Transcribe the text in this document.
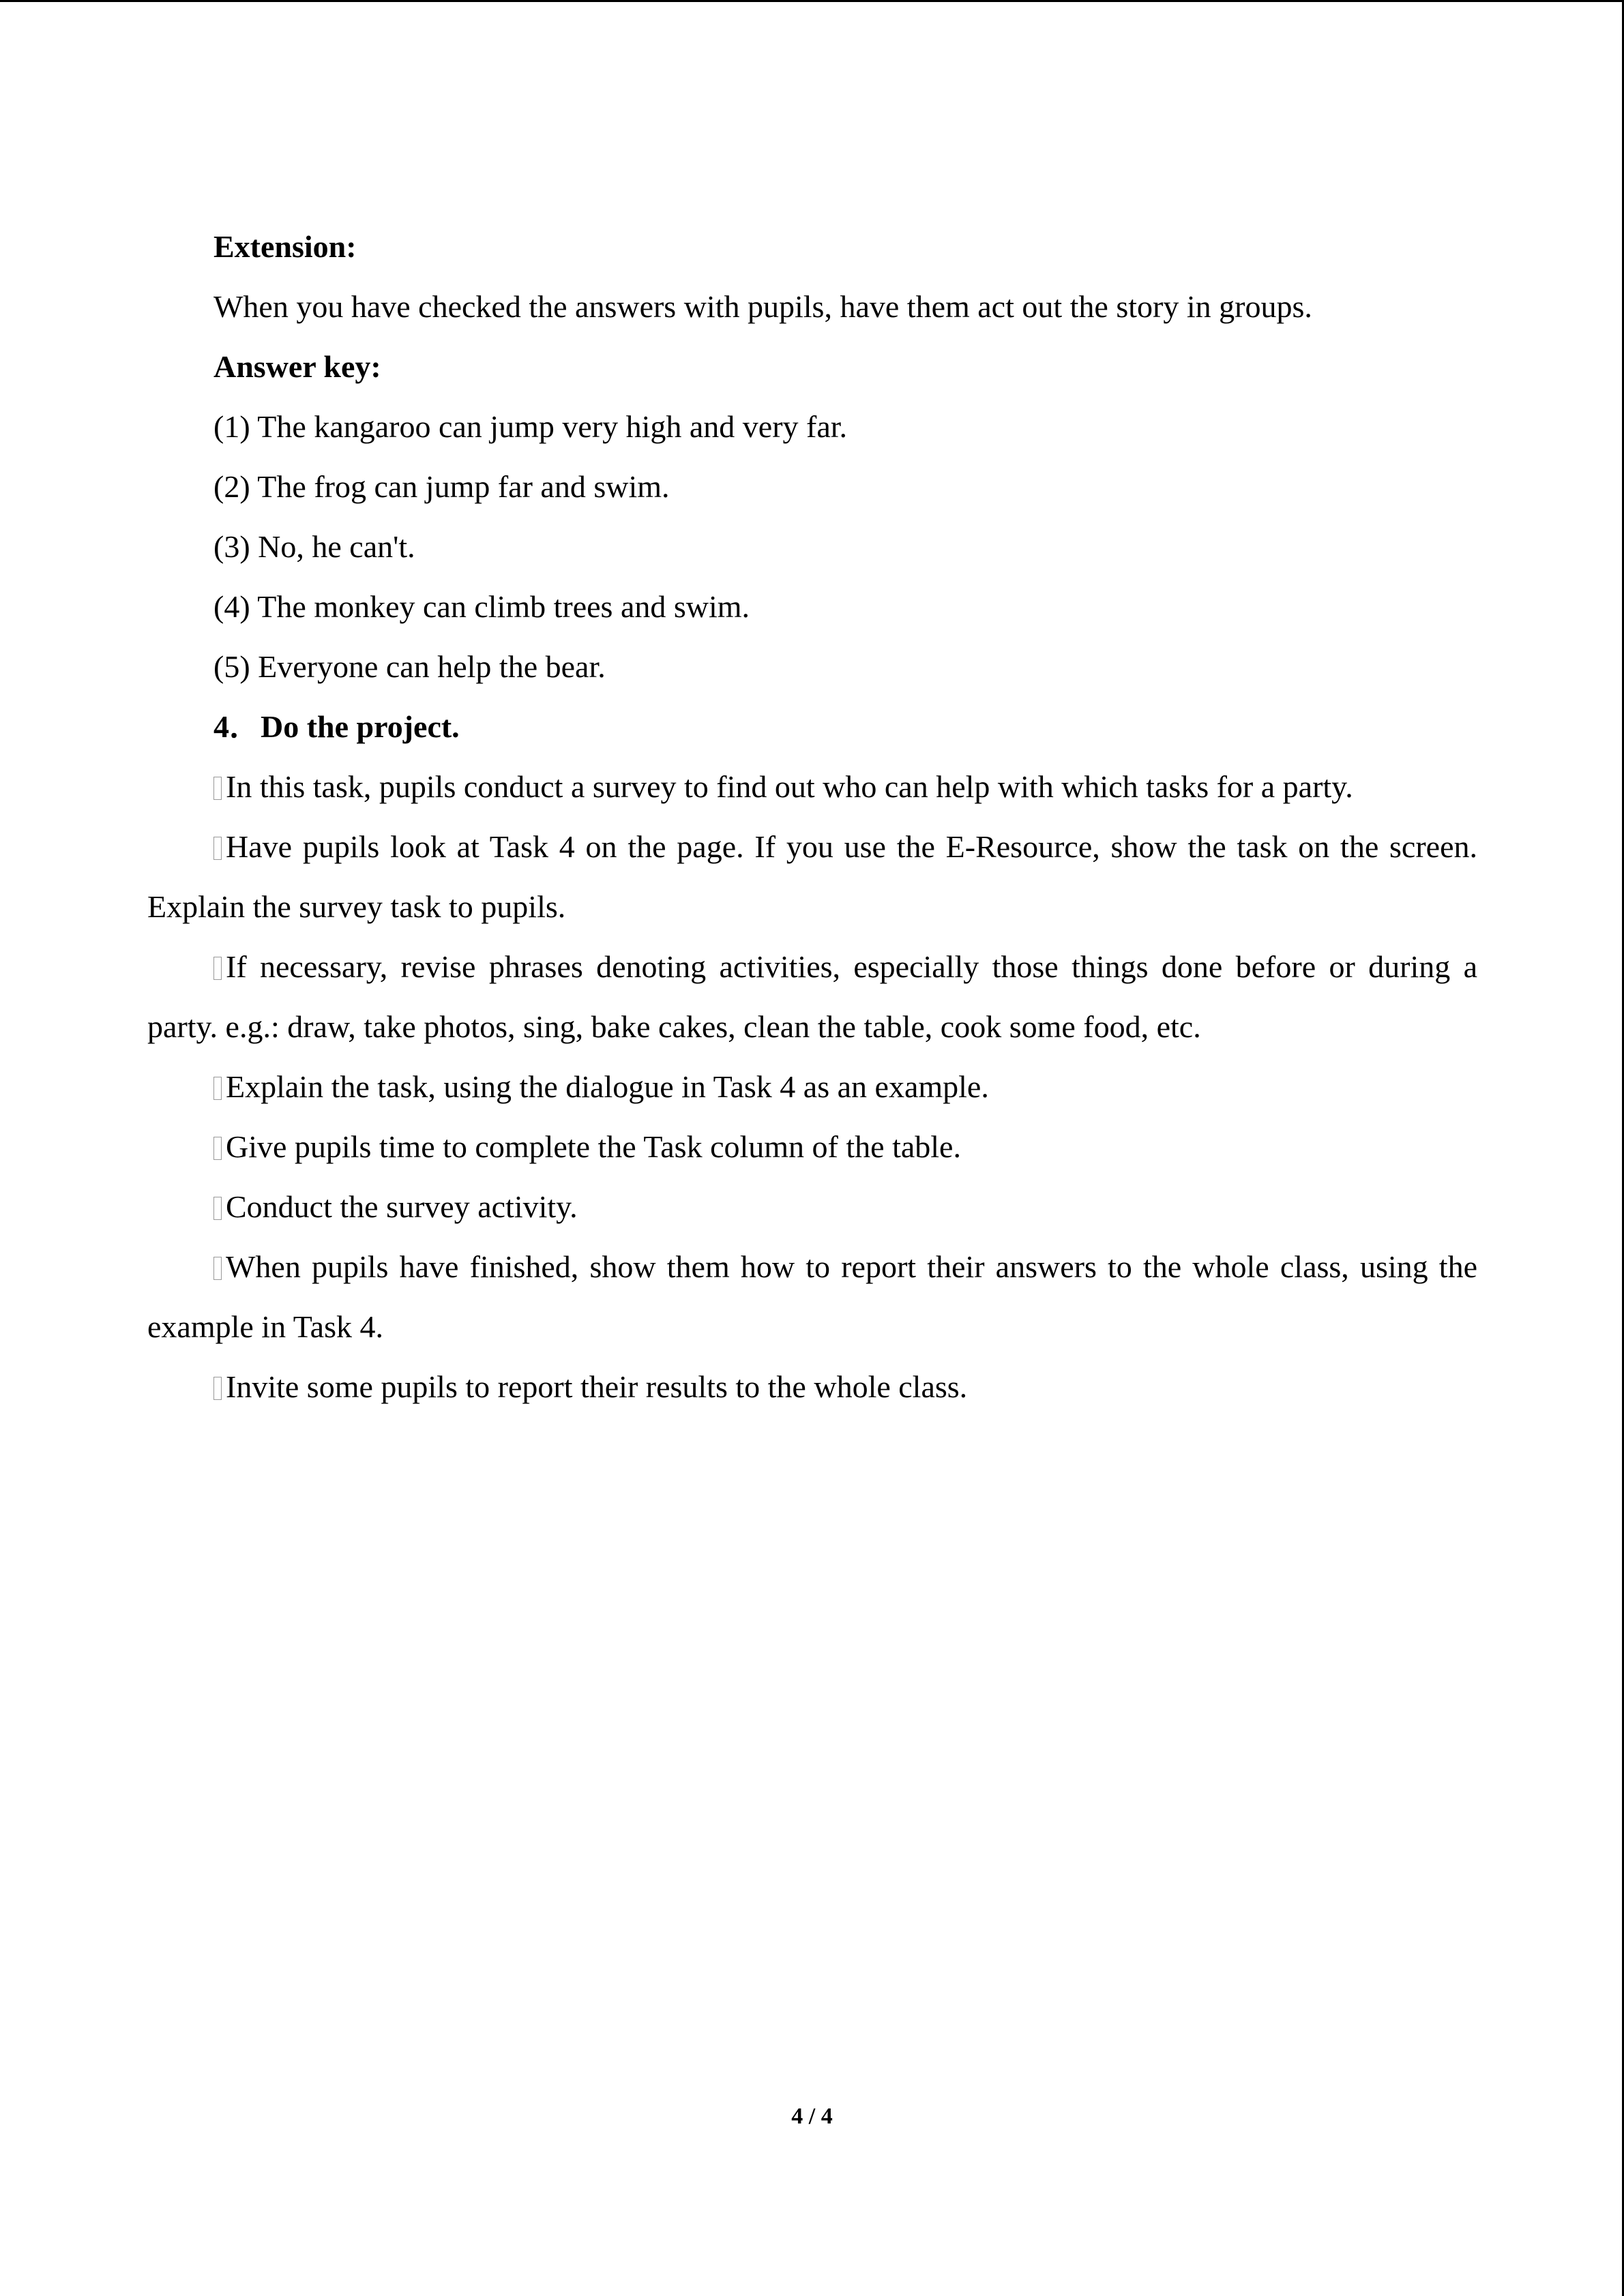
Extension:
When you have checked the answers with pupils, have them act out the story in groups.
Answer key:
(1) The kangaroo can jump very high and very far.
(2) The frog can jump far and swim.
(3) No, he can't.
(4) The monkey can climb trees and swim.
(5) Everyone can help the bear.
4．Do the project.
In this task, pupils conduct a survey to find out who can help with which tasks for a party.
Have pupils look at Task 4 on the page. If you use the E-Resource, show the task on the screen. Explain the survey task to pupils.
If necessary, revise phrases denoting activities, especially those things done before or during a party. e.g.: draw, take photos, sing, bake cakes, clean the table, cook some food, etc.
Explain the task, using the dialogue in Task 4 as an example.
Give pupils time to complete the Task column of the table.
Conduct the survey activity.
When pupils have finished, show them how to report their answers to the whole class, using the example in Task 4.
Invite some pupils to report their results to the whole class.
4 / 4
